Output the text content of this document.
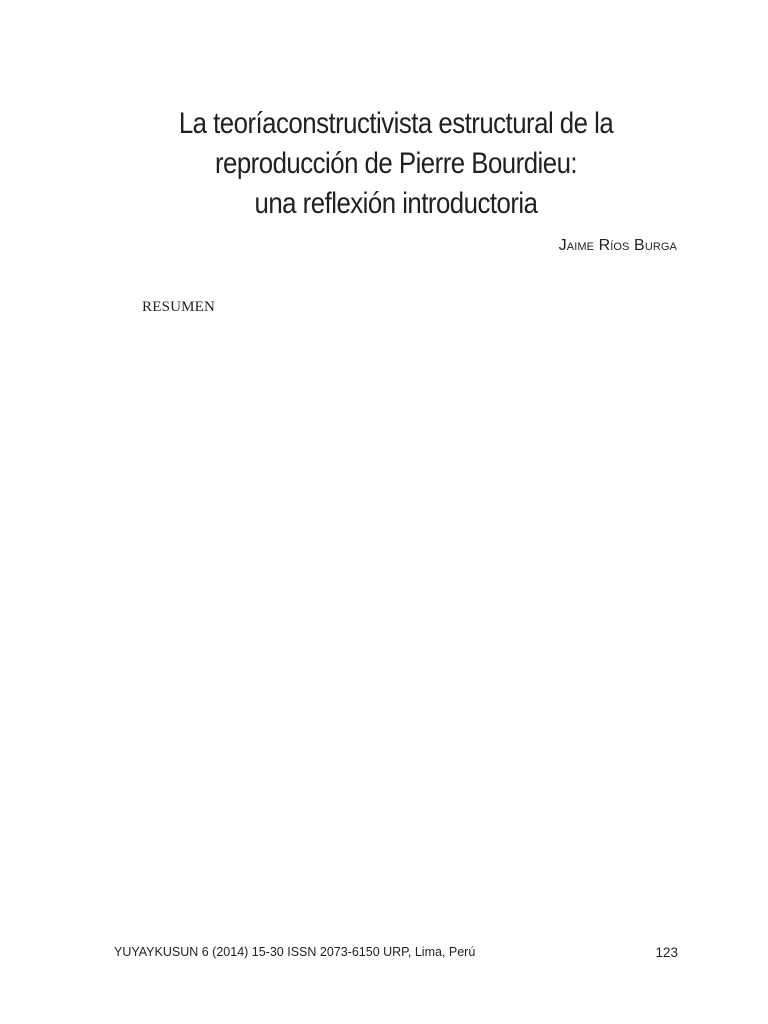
La teoríaconstructivista estructural de la
reproducción de Pierre Bourdieu:
una reflexión introductoria
Jaime Ríos Burga
RESUMEN
YUYAYKUSUN 6 (2014) 15-30 ISSN 2073-6150 URP, Lima, Perú	123
